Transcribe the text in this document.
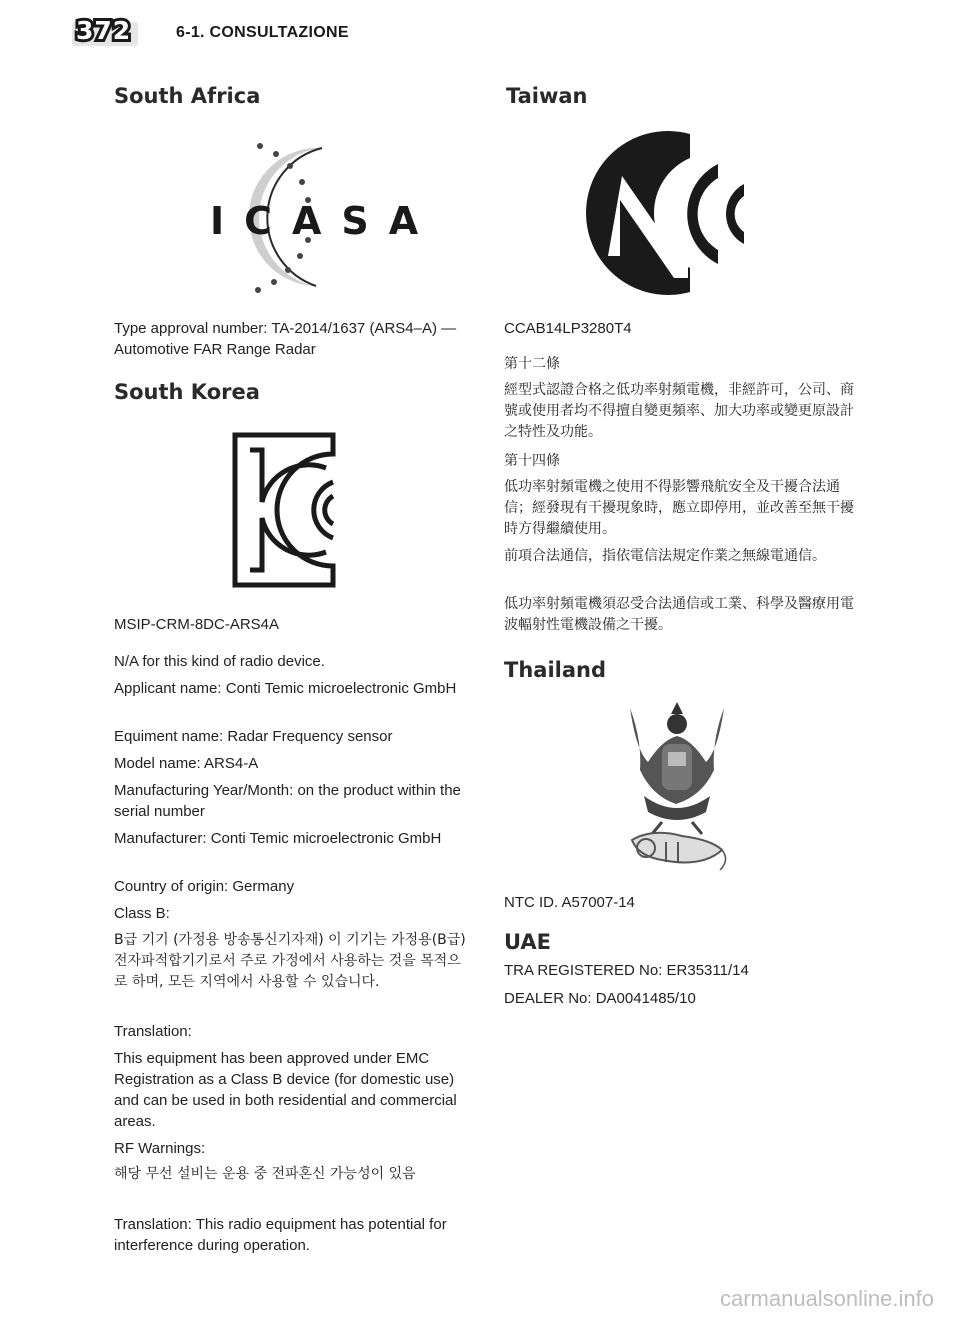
372	6-1. CONSULTAZIONE
South Africa
ICASA

Type approval number: TA-2014/1637 (ARS4–A) — Automotive FAR Range Radar

South Korea

MSIP-CRM-8DC-ARS4A

N/A for this kind of radio device.

Applicant name: Conti Temic microelectronic GmbH

Equiment name: Radar Frequency sensor

Model name: ARS4-A

Manufacturing Year/Month: on the product within the serial number

Manufacturer: Conti Temic microelectronic GmbH

Country of origin: Germany

Class B:

B급 기기 (가정용 방송통신기자재) 이 기기는 가정용(B급) 전자파적합기기로서 주로 가정에서 사용하는 것을 목적으로 하며, 모든 지역에서 사용할 수 있습니다.

Translation:

This equipment has been approved under EMC Registration as a Class B device (for domestic use) and can be used in both residential and commercial areas.

RF Warnings:

해당 무선 설비는 운용 중 전파혼신 가능성이 있음

Translation: This radio equipment has potential for interference during operation.

Taiwan

CCAB14LP3280T4

第十二條

經型式認證合格之低功率射頻電機，非經許可，公司、商號或使用者均不得擅自變更頻率、加大功率或變更原設計之特性及功能。

第十四條

低功率射頻電機之使用不得影響飛航安全及干擾合法通信；經發現有干擾現象時，應立即停用，並改善至無干擾時方得繼續使用。

前項合法通信，指依電信法規定作業之無線電通信。

低功率射頻電機須忍受合法通信或工業、科學及醫療用電波輻射性電機設備之干擾。

Thailand

NTC ID. A57007-14

UAE

TRA REGISTERED No: ER35311/14

DEALER No: DA0041485/10

carmanualsonline.info
